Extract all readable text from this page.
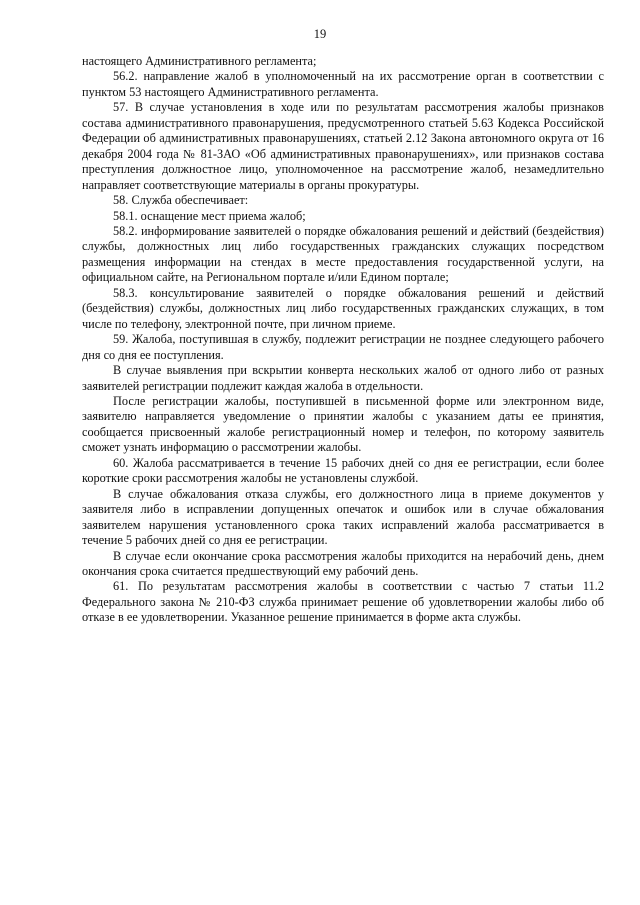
19

настоящего Административного регламента;

56.2. направление жалоб в уполномоченный на их рассмотрение орган в соответствии с пунктом 53 настоящего Административного регламента.

57. В случае установления в ходе или по результатам рассмотрения жалобы признаков состава административного правонарушения, предусмотренного статьей 5.63 Кодекса Российской Федерации об административных правонарушениях, статьей 2.12 Закона автономного округа от 16 декабря 2004 года № 81-ЗАО «Об административных правонарушениях», или признаков состава преступления должностное лицо, уполномоченное на рассмотрение жалоб, незамедлительно направляет соответствующие материалы в органы прокуратуры.

58. Служба обеспечивает:

58.1. оснащение мест приема жалоб;

58.2. информирование заявителей о порядке обжалования решений и действий (бездействия) службы, должностных лиц либо государственных гражданских служащих посредством размещения информации на стендах в месте предоставления государственной услуги, на официальном сайте, на Региональном портале и/или Едином портале;

58.3. консультирование заявителей о порядке обжалования решений и действий (бездействия) службы, должностных лиц либо государственных гражданских служащих, в том числе по телефону, электронной почте, при личном приеме.

59. Жалоба, поступившая в службу, подлежит регистрации не позднее следующего рабочего дня со дня ее поступления.

В случае выявления при вскрытии конверта нескольких жалоб от одного либо от разных заявителей регистрации подлежит каждая жалоба в отдельности.

После регистрации жалобы, поступившей в письменной форме или электронном виде, заявителю направляется уведомление о принятии жалобы с указанием даты ее принятия, сообщается присвоенный жалобе регистрационный номер и телефон, по которому заявитель сможет узнать информацию о рассмотрении жалобы.

60. Жалоба рассматривается в течение 15 рабочих дней со дня ее регистрации, если более короткие сроки рассмотрения жалобы не установлены службой.

В случае обжалования отказа службы, его должностного лица в приеме документов у заявителя либо в исправлении допущенных опечаток и ошибок или в случае обжалования заявителем нарушения установленного срока таких исправлений жалоба рассматривается в течение 5 рабочих дней со дня ее регистрации.

В случае если окончание срока рассмотрения жалобы приходится на нерабочий день, днем окончания срока считается предшествующий ему рабочий день.

61. По результатам рассмотрения жалобы в соответствии с частью 7 статьи 11.2 Федерального закона № 210-ФЗ служба принимает решение об удовлетворении жалобы либо об отказе в ее удовлетворении. Указанное решение принимается в форме акта службы.
